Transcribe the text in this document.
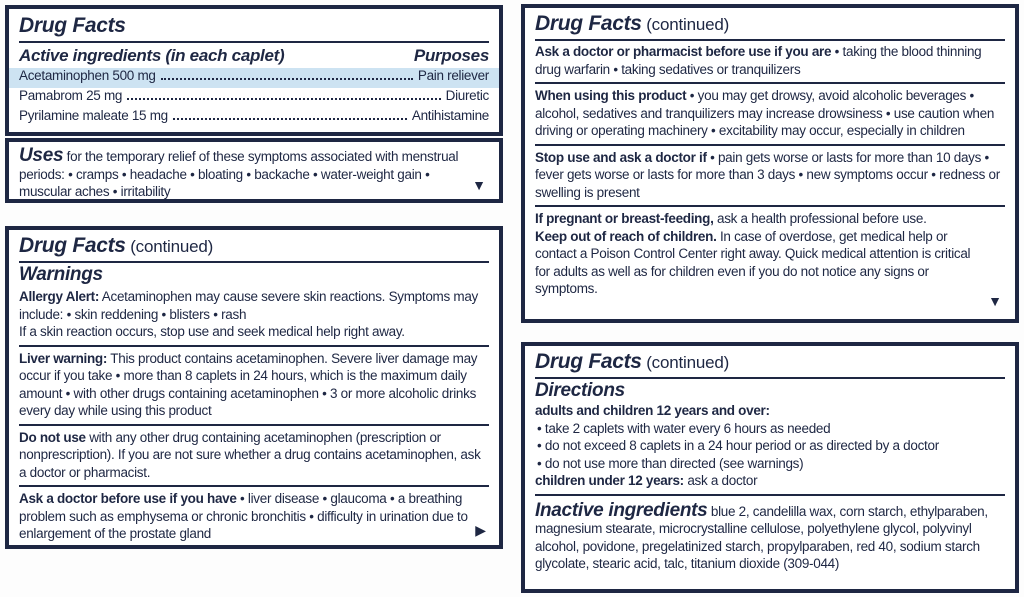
Drug Facts
Active ingredients (in each caplet)	Purposes
Acetaminophen 500 mg	Pain reliever
Pamabrom 25 mg	Diuretic
Pyrilamine maleate 15 mg	Antihistamine
Uses for the temporary relief of these symptoms associated with menstrual periods: • cramps • headache • bloating • backache • water-weight gain • muscular aches • irritability	▼
Drug Facts (continued)
Warnings
Allergy Alert: Acetaminophen may cause severe skin reactions. Symptoms may include: • skin reddening • blisters • rash
If a skin reaction occurs, stop use and seek medical help right away.
Liver warning: This product contains acetaminophen. Severe liver damage may occur if you take • more than 8 caplets in 24 hours, which is the maximum daily amount • with other drugs containing acetaminophen • 3 or more alcoholic drinks every day while using this product
Do not use with any other drug containing acetaminophen (prescription or nonprescription). If you are not sure whether a drug contains acetaminophen, ask a doctor or pharmacist.
Ask a doctor before use if you have • liver disease • glaucoma • a breathing problem such as emphysema or chronic bronchitis • difficulty in urination due to enlargement of the prostate gland	▶
Drug Facts (continued)
Ask a doctor or pharmacist before use if you are • taking the blood thinning drug warfarin • taking sedatives or tranquilizers
When using this product • you may get drowsy, avoid alcoholic beverages • alcohol, sedatives and tranquilizers may increase drowsiness • use caution when driving or operating machinery • excitability may occur, especially in children
Stop use and ask a doctor if • pain gets worse or lasts for more than 10 days • fever gets worse or lasts for more than 3 days • new symptoms occur • redness or swelling is present
If pregnant or breast-feeding, ask a health professional before use.
Keep out of reach of children. In case of overdose, get medical help or contact a Poison Control Center right away. Quick medical attention is critical for adults as well as for children even if you do not notice any signs or symptoms.
▼
Drug Facts (continued)
Directions
adults and children 12 years and over:
• take 2 caplets with water every 6 hours as needed
• do not exceed 8 caplets in a 24 hour period or as directed by a doctor
• do not use more than directed (see warnings)
children under 12 years: ask a doctor
Inactive ingredients blue 2, candelilla wax, corn starch, ethylparaben, magnesium stearate, microcrystalline cellulose, polyethylene glycol, polyvinyl alcohol, povidone, pregelatinized starch, propylparaben, red 40, sodium starch glycolate, stearic acid, talc, titanium dioxide (309-044)
